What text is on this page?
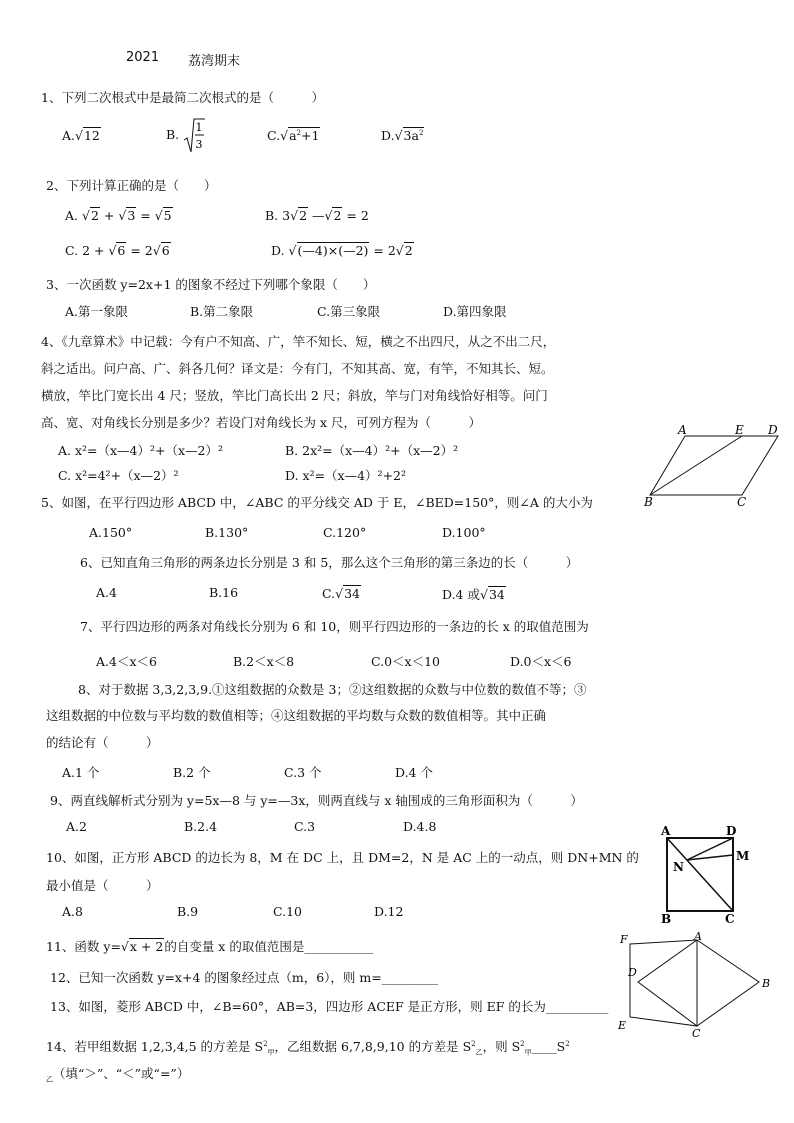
2021 荔湾期末
1、下列二次根式中是最简二次根式的是（　　　）
A.√12	B. 1
3
$C.√a^2+1$	$D.√3a^2$
2、下列计算正确的是（　　）
A. √2 + √3 = √5	B. 3√2 —√2 = 2
C. 2 + √6 = 2√6	D. √(—4)×(—2) = 2√2
3、一次函数 y=2x+1 的图象不经过下列哪个象限（　　）
A.第一象限	B.第二象限	C.第三象限	D.第四象限
4、《九章算术》中记载：今有户不知高、广，竿不知长、短，横之不出四尺，从之不出二尺，
斜之适出。问户高、广、斜各几何？译文是：今有门，不知其高、宽，有竿，不知其长、短。
横放，竿比门宽长出 4 尺；竖放，竿比门高长出 2 尺；斜放，竿与门对角线恰好相等。问门
高、宽、对角线长分别是多少？若设门对角线长为 x 尺，可列方程为（　　　）
A. x²=（x—4）²+（x—2）²	B. 2x²=（x—4）²+（x—2）²
C. x²=4²+（x—2）²	D. x²=（x—4）²+2²
A	E D
B	C
5、如图，在平行四边形 ABCD 中，∠ABC 的平分线交 AD 于 E，∠BED=150°，则∠A 的大小为
A.150°	B.130°	C.120°	D.100°
6、已知直角三角形的两条边长分别是 3 和 5，那么这个三角形的第三条边的长（　　　）
A.4	B.16	C.√34	D.4 或√34
7、平行四边形的两条对角线长分别为 6 和 10，则平行四边形的一条边的长 x 的取值范围为
A.4＜x＜6	B.2＜x＜8	C.0＜x＜10	D.0＜x＜6
8、对于数据 3,3,2,3,9.①这组数据的众数是 3；②这组数据的众数与中位数的数值不等；③
这组数据的中位数与平均数的数值相等；④这组数据的平均数与众数的数值相等。其中正确
的结论有（　　　）
A.1 个	B.2 个	C.3 个	D.4 个
9、两直线解析式分别为 y=5x—8 与 y=—3x，则两直线与 x 轴围成的三角形面积为（　　　）
A.2	B.2.4	C.3	D.4.8	A	D
M
N
B	C
10、如图，正方形 ABCD 的边长为 8，M 在 DC 上，且 DM=2，N 是 AC 上的一动点，则 DN+MN 的
最小值是（　　　）
A.8	B.9	C.10	D.12
F	A
D
B
E
C
11、函数 y=√x + 2的自变量 x 的取值范围是___________
12、已知一次函数 y=x+4 的图象经过点（m，6），则 m=_________
13、如图，菱形 ABCD 中，∠B=60°，AB=3，四边形 ACEF 是正方形，则 EF 的长为__________
14、若甲组数据 1,2,3,4,5 的方差是 $S^2_甲$，乙组数据 6,7,8,9,10 的方差是 $S^2_乙$，则 $S^2_甲\_\_\_\_S^2$
$_乙$（填“＞”、“＜”或“=”）
